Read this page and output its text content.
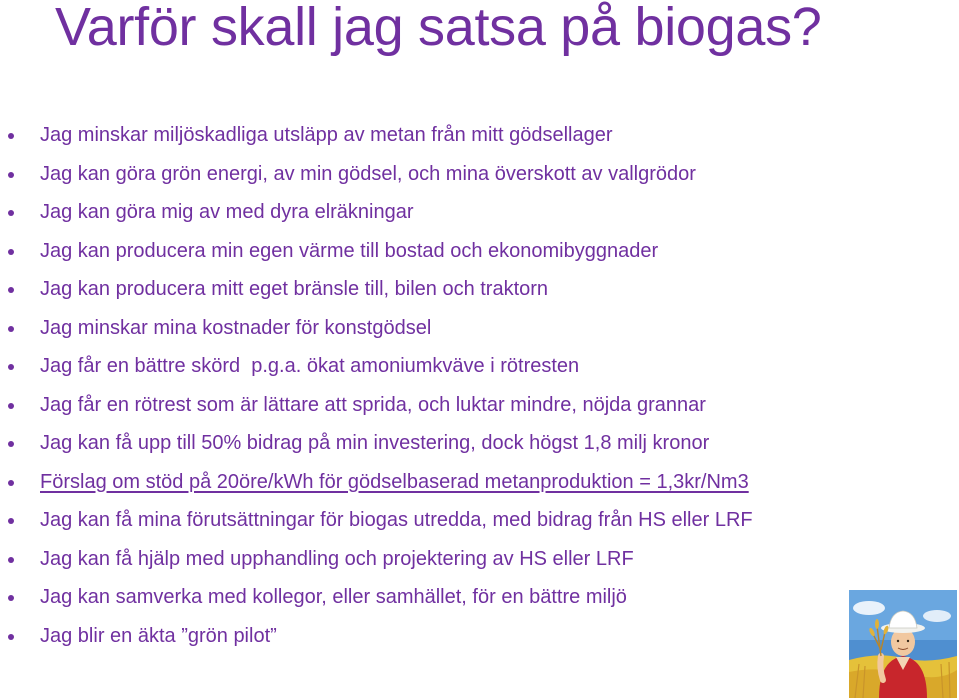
Varför skall jag satsa på biogas?
Jag minskar miljöskadliga utsläpp av metan från mitt gödsellager
Jag kan göra grön energi, av min gödsel, och mina överskott av vallgrödor
Jag kan göra mig av med dyra elräkningar
Jag kan producera min egen värme till bostad och ekonomibyggnader
Jag kan producera mitt eget bränsle till, bilen och traktorn
Jag minskar mina kostnader för konstgödsel
Jag får en bättre skörd  p.g.a. ökat amoniumkväve i rötresten
Jag får en rötrest som är lättare att sprida, och luktar mindre, nöjda grannar
Jag kan få upp till 50% bidrag på min investering, dock högst 1,8 milj kronor
Förslag om stöd på 20öre/kWh för gödselbaserad metanproduktion = 1,3kr/Nm3
Jag kan få mina förutsättningar för biogas utredda, med bidrag från HS eller LRF
Jag kan få hjälp med upphandling och projektering av HS eller LRF
Jag kan samverka med kollegor, eller samhället, för en bättre miljö
Jag blir en äkta ”grön pilot”
